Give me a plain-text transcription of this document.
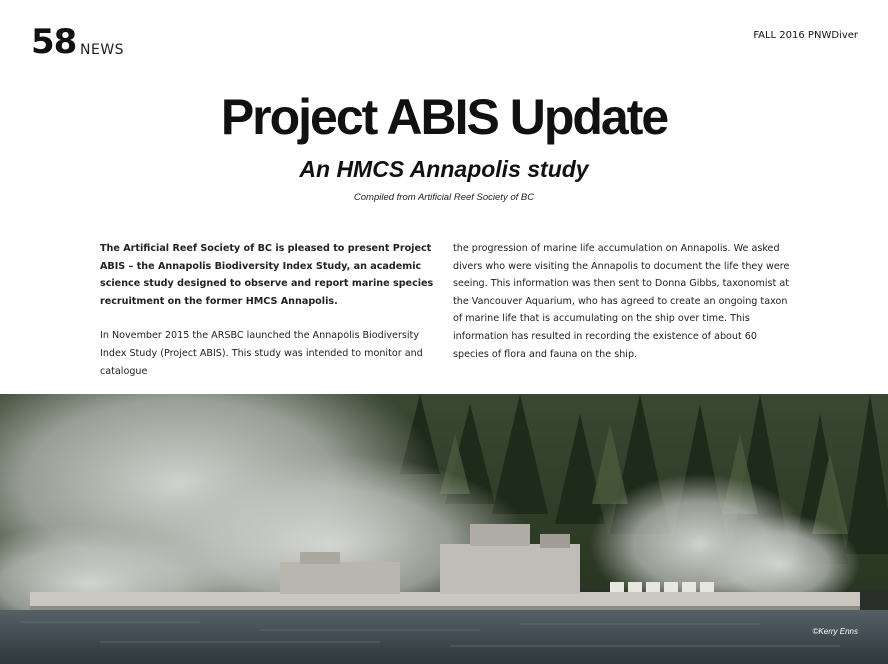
58 NEWS
FALL 2016 PNWDiver
Project ABIS Update
An HMCS Annapolis study
Compiled from Artificial Reef Society of BC

The Artificial Reef Society of BC is pleased to present Project ABIS – the Annapolis Biodiversity Index Study, an academic science study designed to observe and report marine species recruitment on the former HMCS Annapolis.

In November 2015 the ARSBC launched the Annapolis Biodiversity Index Study (Project ABIS). This study was intended to monitor and catalogue

the progression of marine life accumulation on Annapolis. We asked divers who were visiting the Annapolis to document the life they were seeing. This information was then sent to Donna Gibbs, taxonomist at the Vancouver Aquarium, who has agreed to create an ongoing taxon of marine life that is accumulating on the ship over time. This information has resulted in recording the existence of about 60 species of flora and fauna on the ship.

©Kerry Enns
